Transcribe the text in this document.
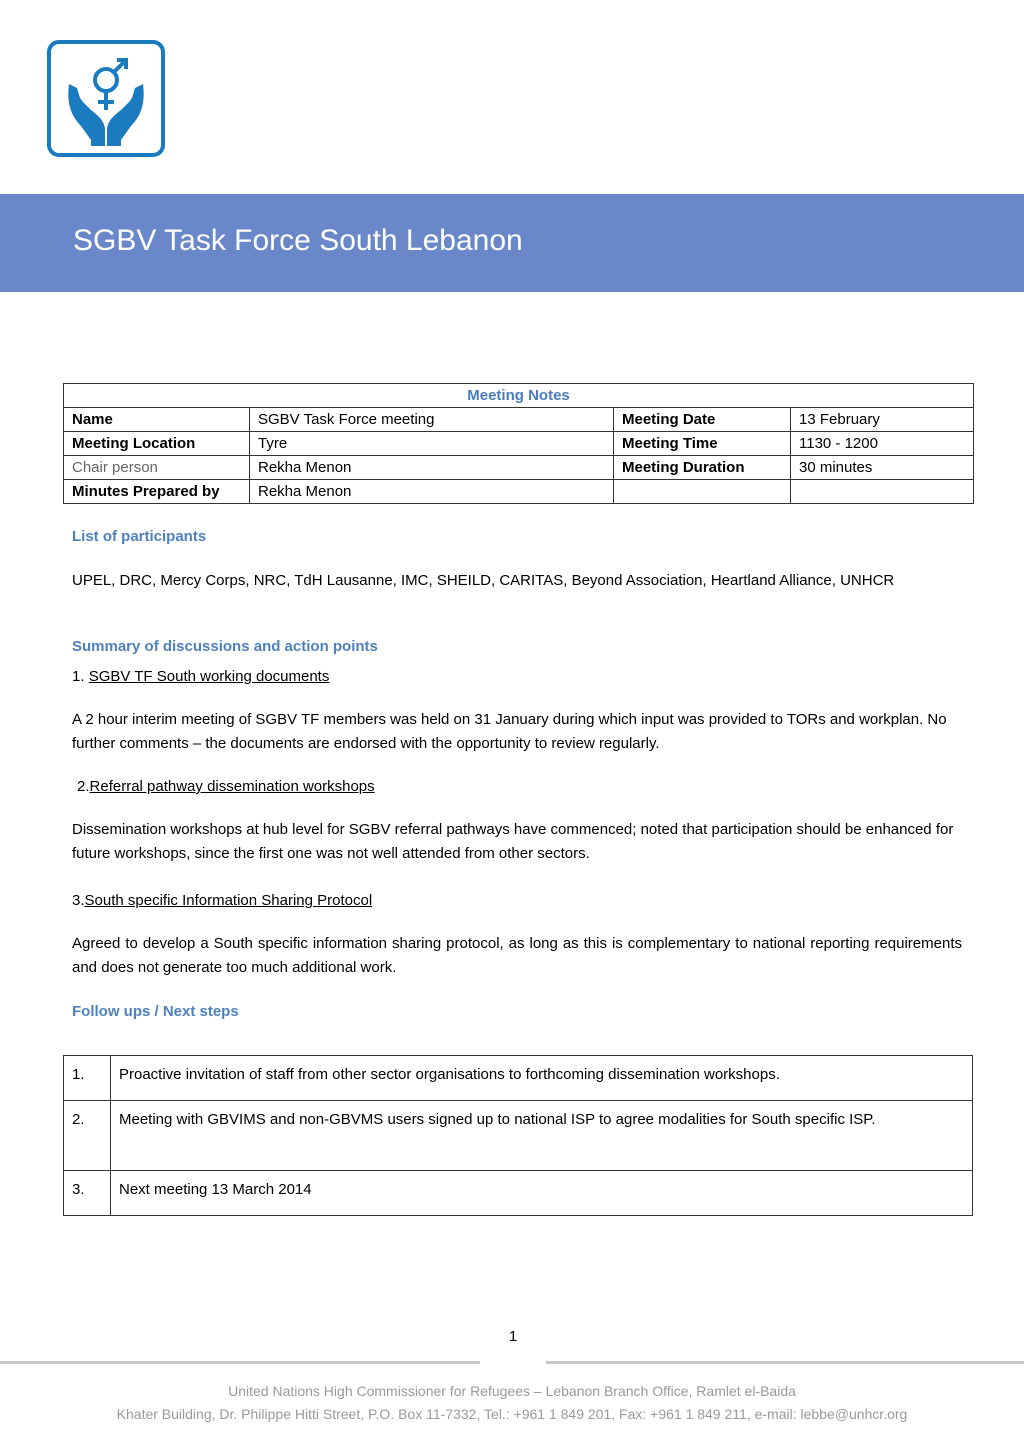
SGBV Task Force South Lebanon
Meeting Notes			
Name	SGBV Task Force meeting	Meeting Date	13 February
Meeting Location	Tyre	Meeting Time	1130 - 1200
Chair person	Rekha Menon	Meeting Duration	30 minutes
Minutes Prepared by	Rekha Menon		
List of participants

UPEL, DRC, Mercy Corps, NRC, TdH Lausanne, IMC, SHEILD, CARITAS, Beyond Association, Heartland Alliance, UNHCR

Summary of discussions and action points

1. SGBV TF South working documents

A 2 hour interim meeting of SGBV TF members was held on 31 January during which input was provided to TORs and workplan. No further comments – the documents are endorsed with the opportunity to review regularly.

2.Referral pathway dissemination workshops

Dissemination workshops at hub level for SGBV referral pathways have commenced; noted that participation should be enhanced for future workshops, since the first one was not well attended from other sectors.

3.South specific Information Sharing Protocol

Agreed to develop a South specific information sharing protocol, as long as this is complementary to national reporting requirements and does not generate too much additional work.

Follow ups / Next steps
1.	Proactive invitation of staff from other sector organisations to forthcoming dissemination workshops.
2.	Meeting with GBVIMS and non-GBVMS users signed up to national ISP to agree modalities for South specific ISP.
3.	Next meeting 13 March 2014

1

United Nations High Commissioner for Refugees – Lebanon Branch Office, Ramlet el-Baida

Khater Building, Dr. Philippe Hitti Street, P.O. Box 11-7332, Tel.: +961 1 849 201, Fax: +961 1 849 211, e-mail: lebbe@unhcr.org
